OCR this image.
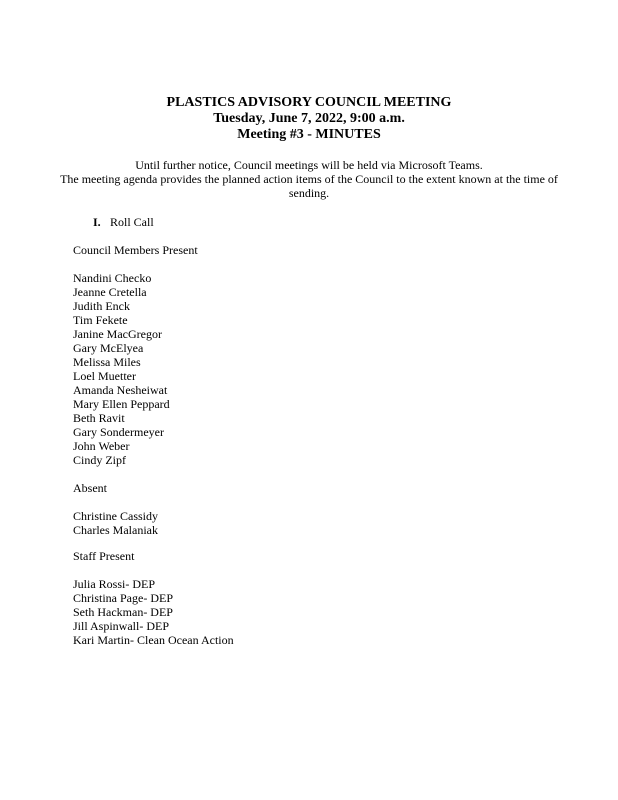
PLASTICS ADVISORY COUNCIL MEETING
Tuesday, June 7, 2022, 9:00 a.m.
Meeting #3 - MINUTES
Until further notice, Council meetings will be held via Microsoft Teams.
The meeting agenda provides the planned action items of the Council to the extent known at the time of sending.
I. Roll Call
Council Members Present
Nandini Checko
Jeanne Cretella
Judith Enck
Tim Fekete
Janine MacGregor
Gary McElyea
Melissa Miles
Loel Muetter
Amanda Nesheiwat
Mary Ellen Peppard
Beth Ravit
Gary Sondermeyer
John Weber
Cindy Zipf
Absent
Christine Cassidy
Charles Malaniak
Staff Present
Julia Rossi- DEP
Christina Page- DEP
Seth Hackman- DEP
Jill Aspinwall- DEP
Kari Martin- Clean Ocean Action
